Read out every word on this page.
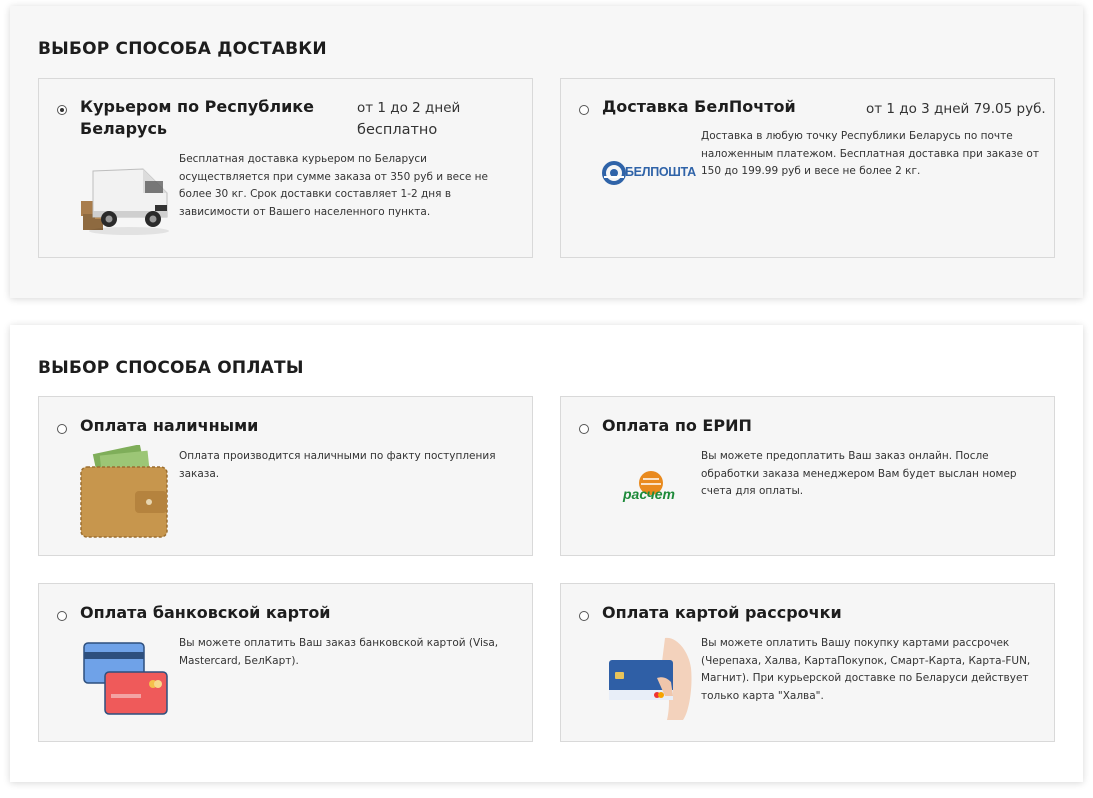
ВЫБОР СПОСОБА ДОСТАВКИ
Курьером по Республике Беларусь
от 1 до 2 дней
бесплатно
Бесплатная доставка курьером по Беларуси осуществляется при сумме заказа от 350 руб и весе не более 30 кг. Срок доставки составляет 1-2 дня в зависимости от Вашего населенного пункта.
Доставка БелПочтой	от 1 до 3 дней 79.05 руб.
БЕЛПОШТА
Доставка в любую точку Республики Беларусь по почте наложенным платежом. Бесплатная доставка при заказе от 150 до 199.99 руб и весе не более 2 кг.
ВЫБОР СПОСОБА ОПЛАТЫ
Оплата наличными
Оплата производится наличными по факту поступления заказа.
Оплата по ЕРИП
расчет
Вы можете предоплатить Ваш заказ онлайн. После обработки заказа менеджером Вам будет выслан номер счета для оплаты.
Оплата банковской картой
Вы можете оплатить Ваш заказ банковской картой (Visa, Mastercard, БелКарт).
Оплата картой рассрочки
Вы можете оплатить Вашу покупку картами рассрочек (Черепаха, Халва, КартаПокупок, Смарт-Карта, Карта-FUN, Магнит). При курьерской доставке по Беларуси действует только карта "Халва".
